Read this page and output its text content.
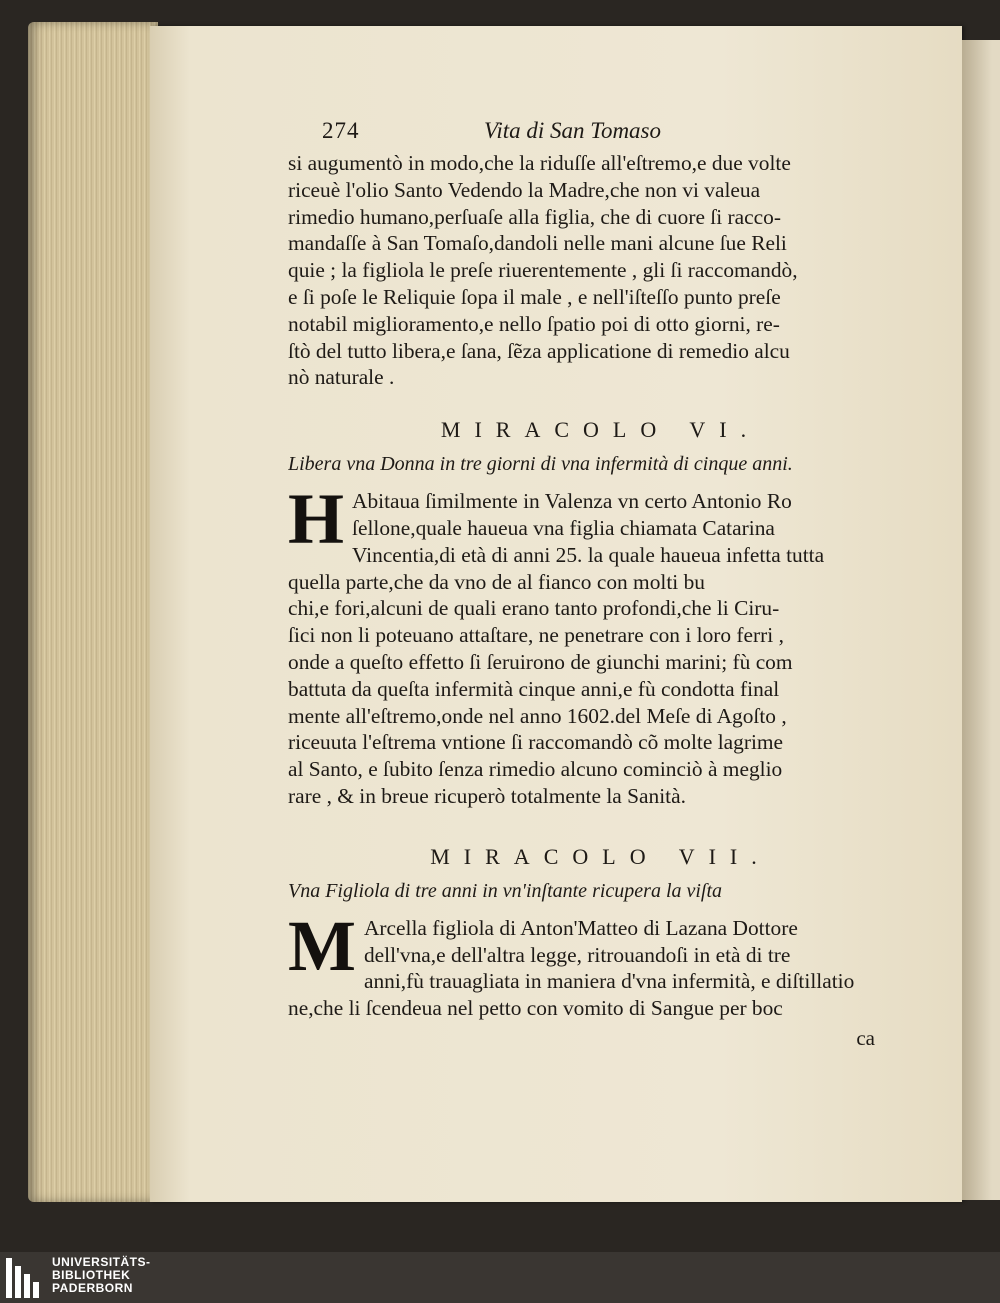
274	Vita di San Tomaso
si augumentò in modo,che la riduſſe all'eſtremo,e due volte
riceuè l'olio Santo Vedendo la Madre,che non vi valeua
rimedio humano,perſuaſe alla figlia, che di cuore ſi racco-
mandaſſe à San Tomaſo,dandoli nelle mani alcune ſue Reli
quie ; la figliola le preſe riuerentemente , gli ſi raccomandò,
e ſi poſe le Reliquie ſopa il male , e nell'iſteſſo punto preſe
notabil miglioramento,e nello ſpatio poi di otto giorni, re-
ſtò del tutto libera,e ſana, ſẽza applicatione di remedio alcu
nò naturale .
MIRACOLO VI.
Libera vna Donna in tre giorni di vna infermità di cinque anni.
H Abitaua ſimilmente in Valenza vn certo Antonio Ro
ſellone,quale haueua vna figlia chiamata Catarina
Vincentia,di età di anni 25. la quale haueua infetta tutta
quella parte,che da vno de al fianco con molti bu
chi,e fori,alcuni de quali erano tanto profondi,che li Ciru-
ſici non li poteuano attaſtare, ne penetrare con i loro ferri ,
onde a queſto effetto ſi ſeruirono de giunchi marini; fù com
battuta da queſta infermità cinque anni,e fù condotta final
mente all'eſtremo,onde nel anno 1602.del Meſe di Agoſto ,
riceuuta l'eſtrema vntione ſi raccomandò cõ molte lagrime
al Santo, e ſubito ſenza rimedio alcuno cominciò à meglio
rare , & in breue ricuperò totalmente la Sanità.
MIRACOLO VII.
Vna Figliola di tre anni in vn'inſtante ricupera la viſta
M Arcella figliola di Anton'Matteo di Lazana Dottore
dell'vna,e dell'altra legge, ritrouandoſi in età di tre
anni,fù trauagliata in maniera d'vna infermità, e diſtillatio
ne,che li ſcendeua nel petto con vomito di Sangue per boc
ca
UNIVERSITÄTS-
BIBLIOTHEK
PADERBORN
